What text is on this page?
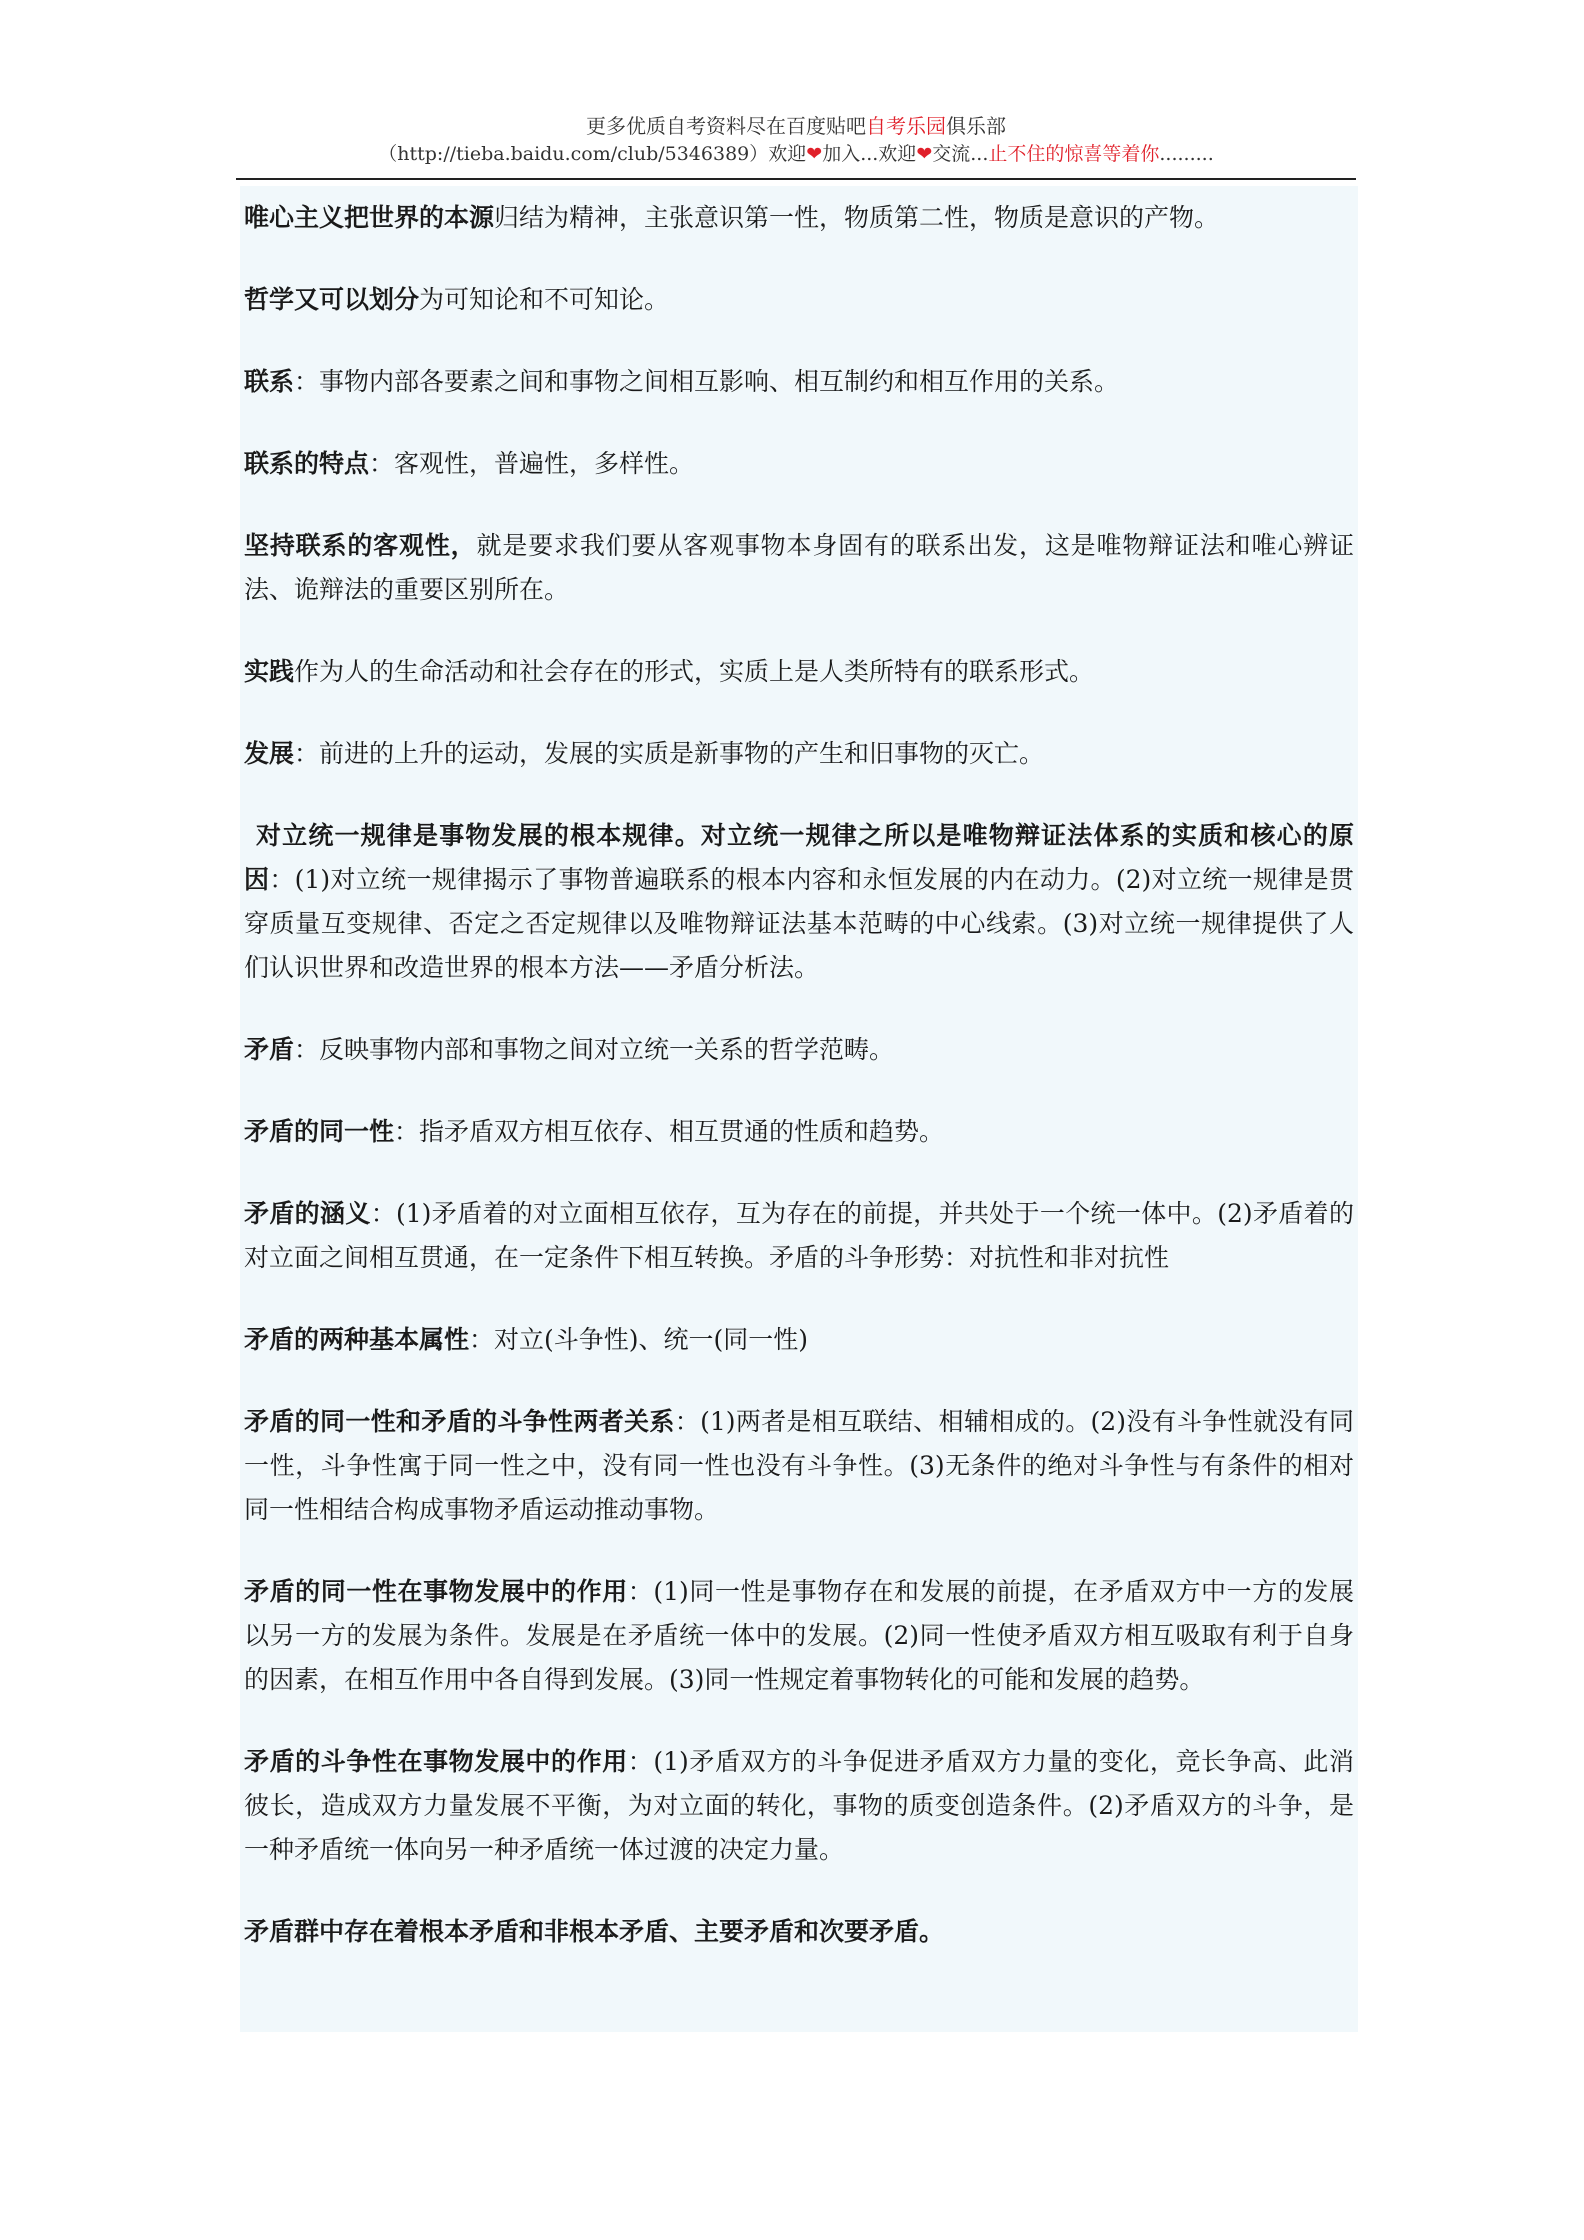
更多优质自考资料尽在百度贴吧自考乐园俱乐部
（http://tieba.baidu.com/club/5346389）欢迎❤加入...欢迎❤交流...止不住的惊喜等着你.........

唯心主义把世界的本源归结为精神，主张意识第一性，物质第二性，物质是意识的产物。

哲学又可以划分为可知论和不可知论。

联系：事物内部各要素之间和事物之间相互影响、相互制约和相互作用的关系。

联系的特点：客观性，普遍性，多样性。

坚持联系的客观性，就是要求我们要从客观事物本身固有的联系出发，这是唯物辩证法和唯心辨证法、诡辩法的重要区别所在。

实践作为人的生命活动和社会存在的形式，实质上是人类所特有的联系形式。

发展：前进的上升的运动，发展的实质是新事物的产生和旧事物的灭亡。

对立统一规律是事物发展的根本规律。对立统一规律之所以是唯物辩证法体系的实质和核心的原因：(1)对立统一规律揭示了事物普遍联系的根本内容和永恒发展的内在动力。(2)对立统一规律是贯穿质量互变规律、否定之否定规律以及唯物辩证法基本范畴的中心线索。(3)对立统一规律提供了人们认识世界和改造世界的根本方法——矛盾分析法。

矛盾：反映事物内部和事物之间对立统一关系的哲学范畴。

矛盾的同一性：指矛盾双方相互依存、相互贯通的性质和趋势。

矛盾的涵义：(1)矛盾着的对立面相互依存，互为存在的前提，并共处于一个统一体中。(2)矛盾着的对立面之间相互贯通，在一定条件下相互转换。矛盾的斗争形势：对抗性和非对抗性

矛盾的两种基本属性：对立(斗争性)、统一(同一性)

矛盾的同一性和矛盾的斗争性两者关系：(1)两者是相互联结、相辅相成的。(2)没有斗争性就没有同一性，斗争性寓于同一性之中，没有同一性也没有斗争性。(3)无条件的绝对斗争性与有条件的相对同一性相结合构成事物矛盾运动推动事物。

矛盾的同一性在事物发展中的作用：(1)同一性是事物存在和发展的前提，在矛盾双方中一方的发展以另一方的发展为条件。发展是在矛盾统一体中的发展。(2)同一性使矛盾双方相互吸取有利于自身的因素，在相互作用中各自得到发展。(3)同一性规定着事物转化的可能和发展的趋势。

矛盾的斗争性在事物发展中的作用：(1)矛盾双方的斗争促进矛盾双方力量的变化，竞长争高、此消彼长，造成双方力量发展不平衡，为对立面的转化，事物的质变创造条件。(2)矛盾双方的斗争，是一种矛盾统一体向另一种矛盾统一体过渡的决定力量。

矛盾群中存在着根本矛盾和非根本矛盾、主要矛盾和次要矛盾。
